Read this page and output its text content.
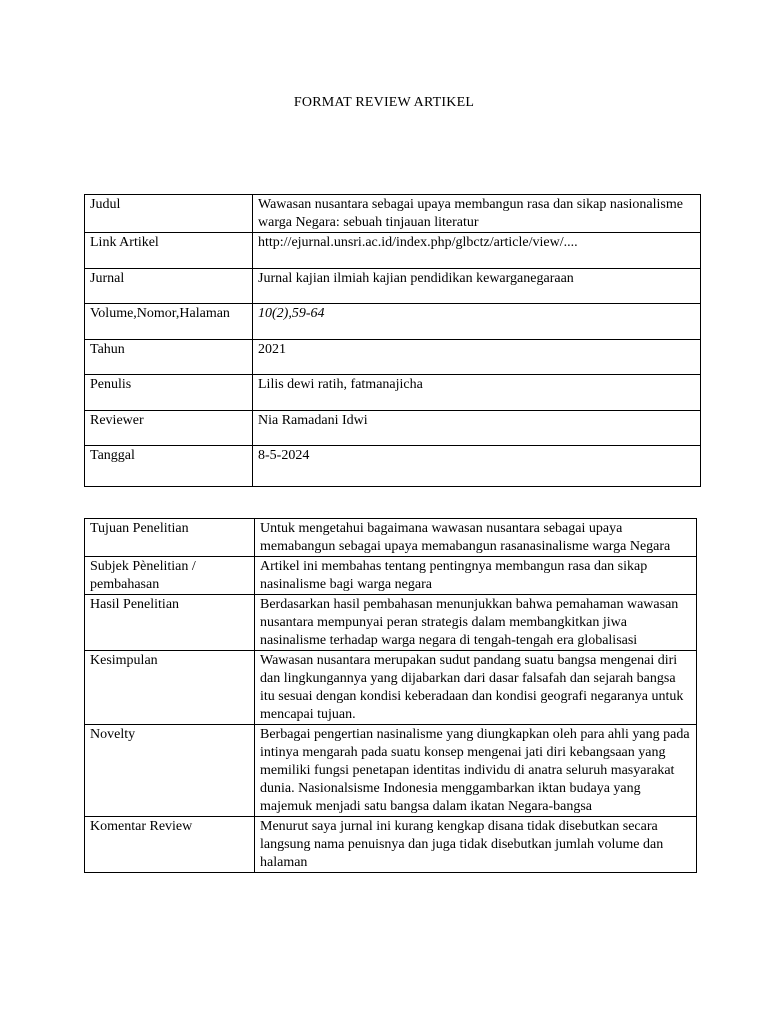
FORMAT REVIEW ARTIKEL
Judul	Wawasan nusantara sebagai upaya membangun rasa dan sikap nasionalisme warga Negara: sebuah tinjauan literatur
Link Artikel	http://ejurnal.unsri.ac.id/index.php/glbctz/article/view/....
Jurnal	Jurnal kajian ilmiah kajian pendidikan kewarganegaraan
Volume,Nomor,Halaman	10(2),59-64
Tahun	2021
Penulis	Lilis dewi ratih, fatmanajicha
Reviewer	Nia Ramadani Idwi
Tanggal	8-5-2024
Tujuan Penelitian	Untuk mengetahui bagaimana wawasan nusantara sebagai upaya memabangun sebagai upaya memabangun rasanasinalisme warga Negara
Subjek Pènelitian / pembahasan	Artikel ini membahas tentang pentingnya membangun rasa dan sikap nasinalisme bagi warga negara
Hasil Penelitian	Berdasarkan hasil pembahasan menunjukkan bahwa pemahaman wawasan nusantara mempunyai peran strategis dalam membangkitkan jiwa nasinalisme terhadap warga negara di tengah-tengah era globalisasi
Kesimpulan	Wawasan nusantara merupakan sudut pandang suatu bangsa mengenai diri dan lingkungannya yang dijabarkan dari dasar falsafah dan sejarah bangsa itu sesuai dengan kondisi keberadaan dan kondisi geografi negaranya untuk mencapai tujuan.
Novelty	Berbagai pengertian nasinalisme yang diungkapkan oleh para ahli yang pada intinya mengarah pada suatu konsep mengenai jati diri kebangsaan yang memiliki fungsi penetapan identitas individu di anatra seluruh masyarakat dunia. Nasionalsisme Indonesia menggambarkan iktan budaya yang majemuk menjadi satu bangsa dalam ikatan Negara-bangsa
Komentar Review	Menurut saya jurnal ini kurang kengkap disana tidak disebutkan secara langsung nama penuisnya dan juga tidak disebutkan jumlah volume dan halaman
